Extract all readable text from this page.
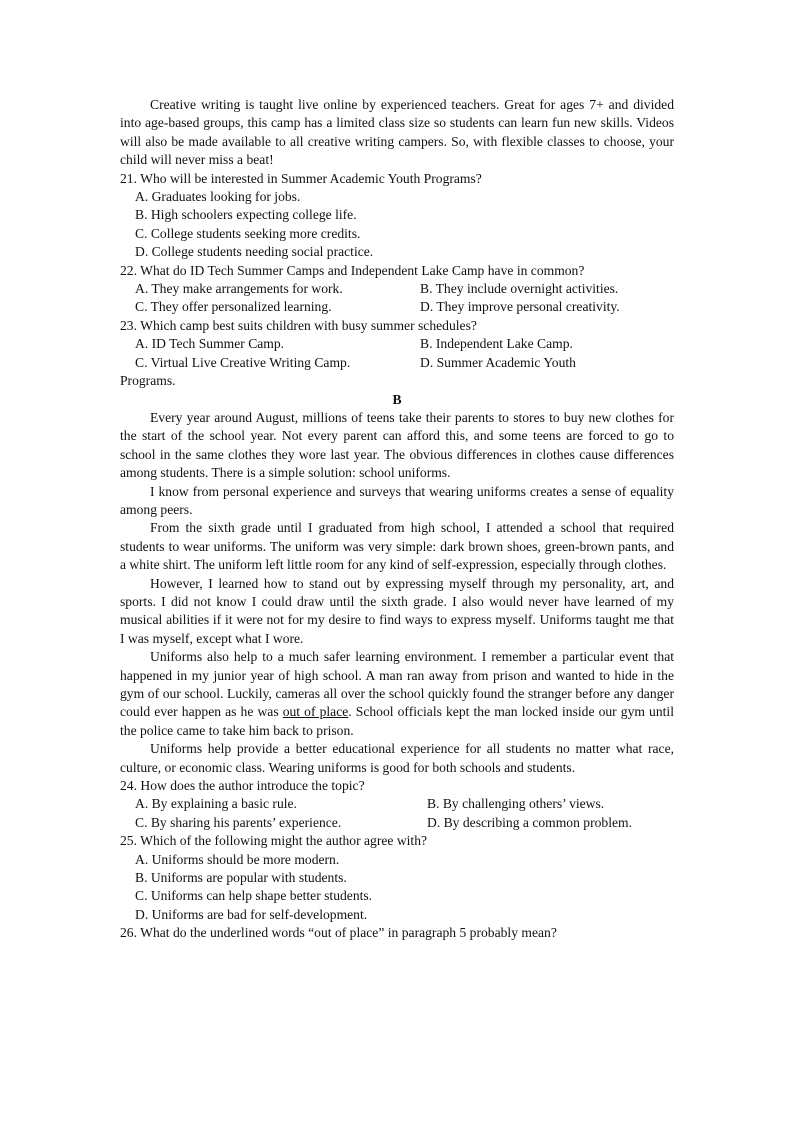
Creative writing is taught live online by experienced teachers. Great for ages 7+ and divided into age-based groups, this camp has a limited class size so students can learn fun new skills. Videos will also be made available to all creative writing campers. So, with flexible classes to choose, your child will never miss a beat!

21. Who will be interested in Summer Academic Youth Programs?

A. Graduates looking for jobs.

B. High schoolers expecting college life.

C. College students seeking more credits.

D. College students needing social practice.

22. What do ID Tech Summer Camps and Independent Lake Camp have in common?

A. They make arrangements for work.	B. They include overnight activities.
C. They offer personalized learning.	D. They improve personal creativity.

23. Which camp best suits children with busy summer schedules?

A. ID Tech Summer Camp.	B. Independent Lake Camp.
C. Virtual Live Creative Writing Camp.	D. Summer Academic Youth

Programs.

B

Every year around August, millions of teens take their parents to stores to buy new clothes for the start of the school year. Not every parent can afford this, and some teens are forced to go to school in the same clothes they wore last year. The obvious differences in clothes cause differences among students. There is a simple solution: school uniforms.

I know from personal experience and surveys that wearing uniforms creates a sense of equality among peers.

From the sixth grade until I graduated from high school, I attended a school that required students to wear uniforms. The uniform was very simple: dark brown shoes, green-brown pants, and a white shirt. The uniform left little room for any kind of self-expression, especially through clothes.

However, I learned how to stand out by expressing myself through my personality, art, and sports. I did not know I could draw until the sixth grade. I also would never have learned of my musical abilities if it were not for my desire to find ways to express myself. Uniforms taught me that I was myself, except what I wore.

Uniforms also help to a much safer learning environment. I remember a particular event that happened in my junior year of high school. A man ran away from prison and wanted to hide in the gym of our school. Luckily, cameras all over the school quickly found the stranger before any danger could ever happen as he was out of place. School officials kept the man locked inside our gym until the police came to take him back to prison.

Uniforms help provide a better educational experience for all students no matter what race, culture, or economic class. Wearing uniforms is good for both schools and students.

24. How does the author introduce the topic?

A. By explaining a basic rule.	B. By challenging others’ views.
C. By sharing his parents’ experience.	D. By describing a common problem.

25. Which of the following might the author agree with?

A. Uniforms should be more modern.

B. Uniforms are popular with students.

C. Uniforms can help shape better students.

D. Uniforms are bad for self-development.

26. What do the underlined words “out of place” in paragraph 5 probably mean?
